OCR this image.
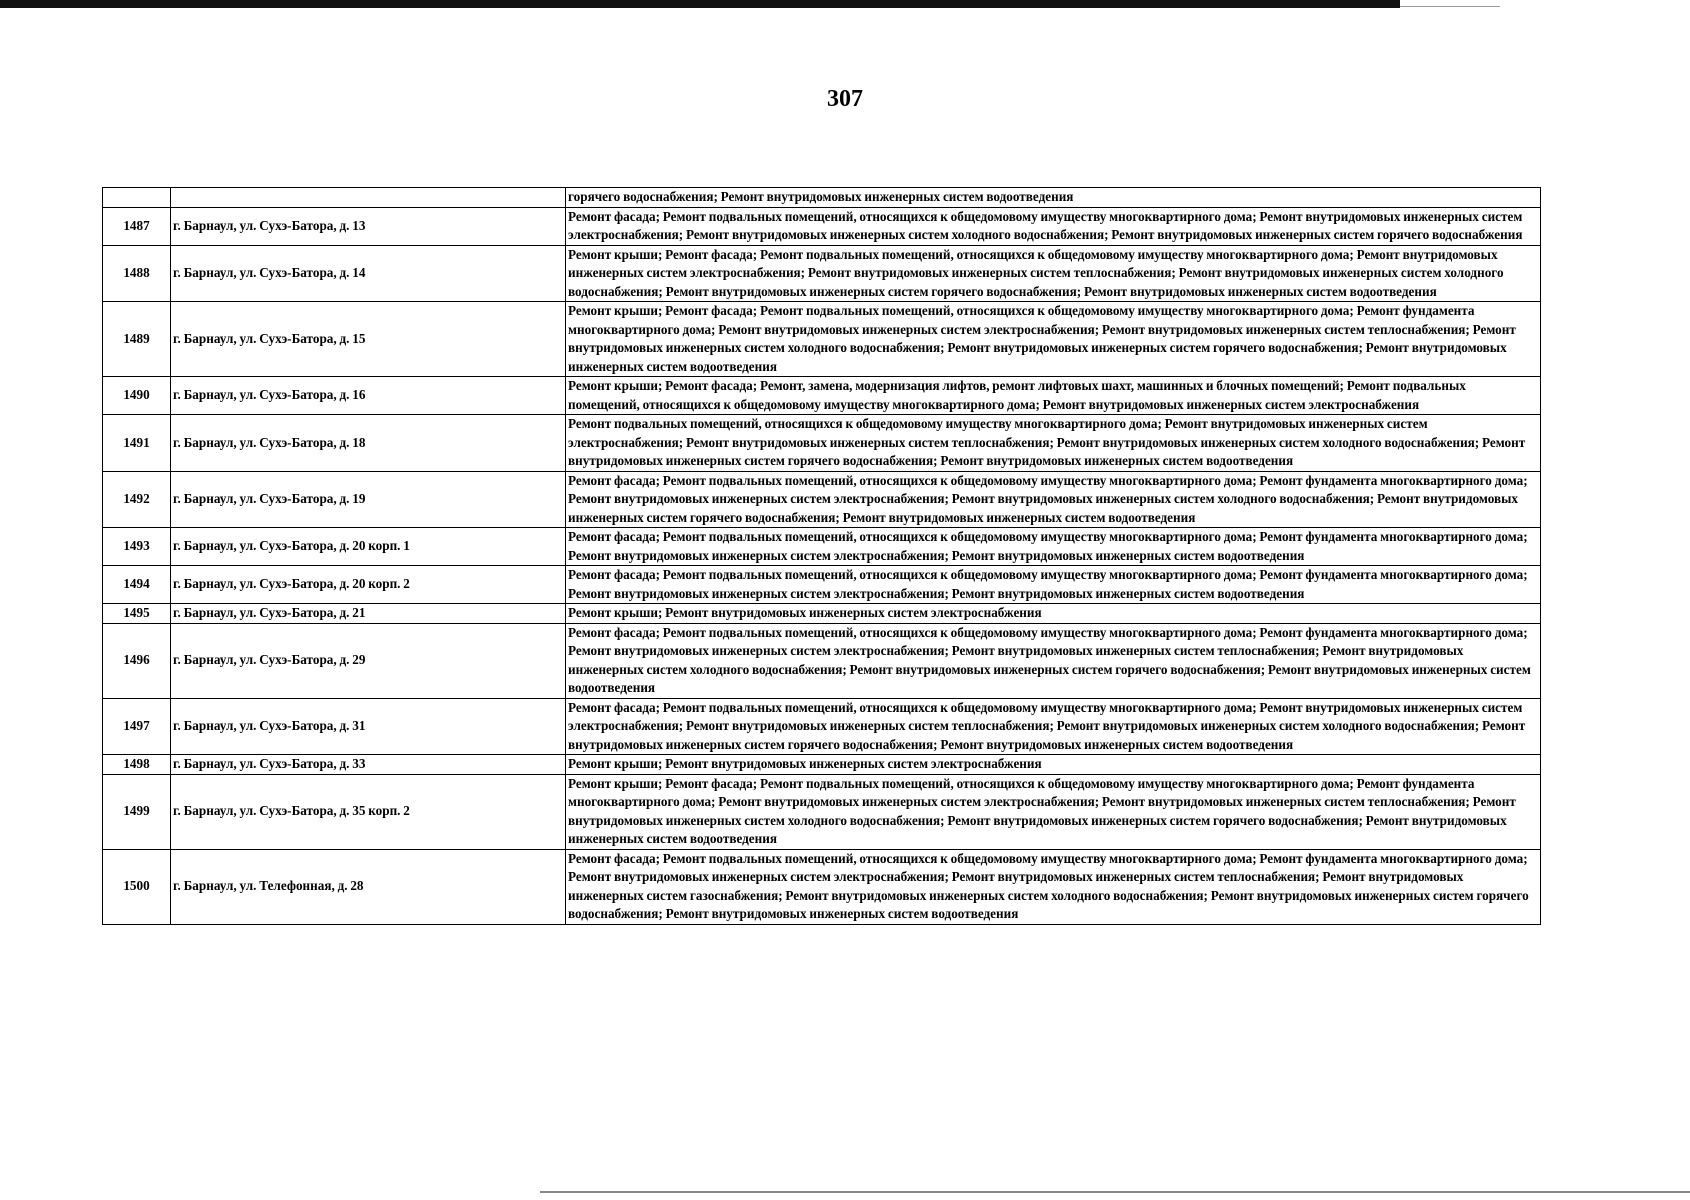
307
		горячего водоснабжения; Ремонт внутридомовых инженерных систем водоотведения
1487	г. Барнаул, ул. Сухэ-Батора, д. 13	Ремонт фасада; Ремонт подвальных помещений, относящихся к общедомовому имуществу многоквартирного дома; Ремонт внутридомовых инженерных систем электроснабжения; Ремонт внутридомовых инженерных систем холодного водоснабжения; Ремонт внутридомовых инженерных систем горячего водоснабжения
1488	г. Барнаул, ул. Сухэ-Батора, д. 14	Ремонт крыши; Ремонт фасада; Ремонт подвальных помещений, относящихся к общедомовому имуществу многоквартирного дома; Ремонт внутридомовых инженерных систем электроснабжения; Ремонт внутридомовых инженерных систем теплоснабжения; Ремонт внутридомовых инженерных систем холодного водоснабжения; Ремонт внутридомовых инженерных систем горячего водоснабжения; Ремонт внутридомовых инженерных систем водоотведения
1489	г. Барнаул, ул. Сухэ-Батора, д. 15	Ремонт крыши; Ремонт фасада; Ремонт подвальных помещений, относящихся к общедомовому имуществу многоквартирного дома; Ремонт фундамента многоквартирного дома; Ремонт внутридомовых инженерных систем электроснабжения; Ремонт внутридомовых инженерных систем теплоснабжения; Ремонт внутридомовых инженерных систем холодного водоснабжения; Ремонт внутридомовых инженерных систем горячего водоснабжения; Ремонт внутридомовых инженерных систем водоотведения
1490	г. Барнаул, ул. Сухэ-Батора, д. 16	Ремонт крыши; Ремонт фасада; Ремонт, замена, модернизация лифтов, ремонт лифтовых шахт, машинных и блочных помещений; Ремонт подвальных помещений, относящихся к общедомовому имуществу многоквартирного дома; Ремонт внутридомовых инженерных систем электроснабжения
1491	г. Барнаул, ул. Сухэ-Батора, д. 18	Ремонт подвальных помещений, относящихся к общедомовому имуществу многоквартирного дома; Ремонт внутридомовых инженерных систем электроснабжения; Ремонт внутридомовых инженерных систем теплоснабжения; Ремонт внутридомовых инженерных систем холодного водоснабжения; Ремонт внутридомовых инженерных систем горячего водоснабжения; Ремонт внутридомовых инженерных систем водоотведения
1492	г. Барнаул, ул. Сухэ-Батора, д. 19	Ремонт фасада; Ремонт подвальных помещений, относящихся к общедомовому имуществу многоквартирного дома; Ремонт фундамента многоквартирного дома; Ремонт внутридомовых инженерных систем электроснабжения; Ремонт внутридомовых инженерных систем холодного водоснабжения; Ремонт внутридомовых инженерных систем горячего водоснабжения; Ремонт внутридомовых инженерных систем водоотведения
1493	г. Барнаул, ул. Сухэ-Батора, д. 20 корп. 1	Ремонт фасада; Ремонт подвальных помещений, относящихся к общедомовому имуществу многоквартирного дома; Ремонт фундамента многоквартирного дома; Ремонт внутридомовых инженерных систем электроснабжения; Ремонт внутридомовых инженерных систем водоотведения
1494	г. Барнаул, ул. Сухэ-Батора, д. 20 корп. 2	Ремонт фасада; Ремонт подвальных помещений, относящихся к общедомовому имуществу многоквартирного дома; Ремонт фундамента многоквартирного дома; Ремонт внутридомовых инженерных систем электроснабжения; Ремонт внутридомовых инженерных систем водоотведения
1495	г. Барнаул, ул. Сухэ-Батора, д. 21	Ремонт крыши; Ремонт внутридомовых инженерных систем электроснабжения
1496	г. Барнаул, ул. Сухэ-Батора, д. 29	Ремонт фасада; Ремонт подвальных помещений, относящихся к общедомовому имуществу многоквартирного дома; Ремонт фундамента многоквартирного дома; Ремонт внутридомовых инженерных систем электроснабжения; Ремонт внутридомовых инженерных систем теплоснабжения; Ремонт внутридомовых инженерных систем холодного водоснабжения; Ремонт внутридомовых инженерных систем горячего водоснабжения; Ремонт внутридомовых инженерных систем водоотведения
1497	г. Барнаул, ул. Сухэ-Батора, д. 31	Ремонт фасада; Ремонт подвальных помещений, относящихся к общедомовому имуществу многоквартирного дома; Ремонт внутридомовых инженерных систем электроснабжения; Ремонт внутридомовых инженерных систем теплоснабжения; Ремонт внутридомовых инженерных систем холодного водоснабжения; Ремонт внутридомовых инженерных систем горячего водоснабжения; Ремонт внутридомовых инженерных систем водоотведения
1498	г. Барнаул, ул. Сухэ-Батора, д. 33	Ремонт крыши; Ремонт внутридомовых инженерных систем электроснабжения
1499	г. Барнаул, ул. Сухэ-Батора, д. 35 корп. 2	Ремонт крыши; Ремонт фасада; Ремонт подвальных помещений, относящихся к общедомовому имуществу многоквартирного дома; Ремонт фундамента многоквартирного дома; Ремонт внутридомовых инженерных систем электроснабжения; Ремонт внутридомовых инженерных систем теплоснабжения; Ремонт внутридомовых инженерных систем холодного водоснабжения; Ремонт внутридомовых инженерных систем горячего водоснабжения; Ремонт внутридомовых инженерных систем водоотведения
1500	г. Барнаул, ул. Телефонная, д. 28	Ремонт фасада; Ремонт подвальных помещений, относящихся к общедомовому имуществу многоквартирного дома; Ремонт фундамента многоквартирного дома; Ремонт внутридомовых инженерных систем электроснабжения; Ремонт внутридомовых инженерных систем теплоснабжения; Ремонт внутридомовых инженерных систем газоснабжения; Ремонт внутридомовых инженерных систем холодного водоснабжения; Ремонт внутридомовых инженерных систем горячего водоснабжения; Ремонт внутридомовых инженерных систем водоотведения
